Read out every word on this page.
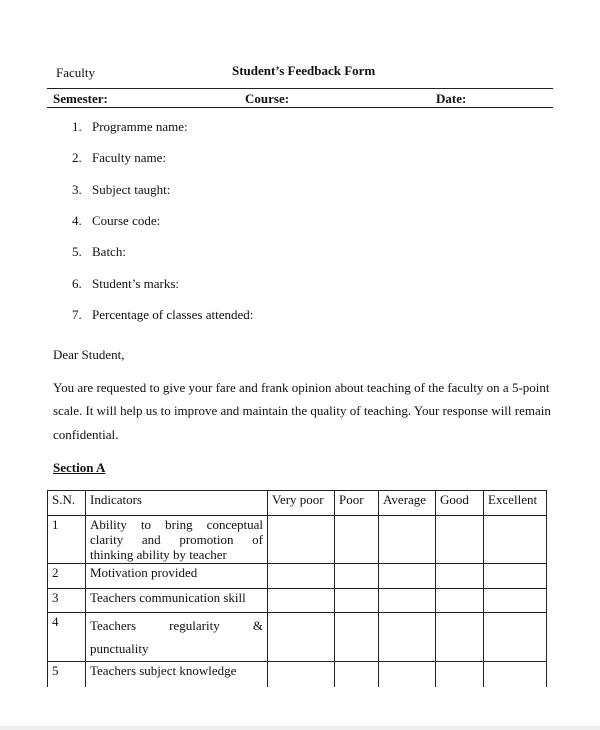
Faculty	Student’s Feedback Form
Semester:	Course:	Date:
1. Programme name:
2. Faculty name:
3. Subject taught:
4. Course code:
5. Batch:
6. Student’s marks:
7. Percentage of classes attended:
Dear Student,
You are requested to give your fare and frank opinion about teaching of the faculty on a 5-point
scale. It will help us to improve and maintain the quality of teaching. Your response will remain
confidential.
Section A
S.N.	Indicators	Very poor	Poor	Average	Good	Excellent
1	Ability to bring conceptual clarity and promotion of thinking ability by teacher					
2	Motivation provided					
3	Teachers communication skill					
4	Teachers regularity & punctuality					
5	Teachers subject knowledge					
